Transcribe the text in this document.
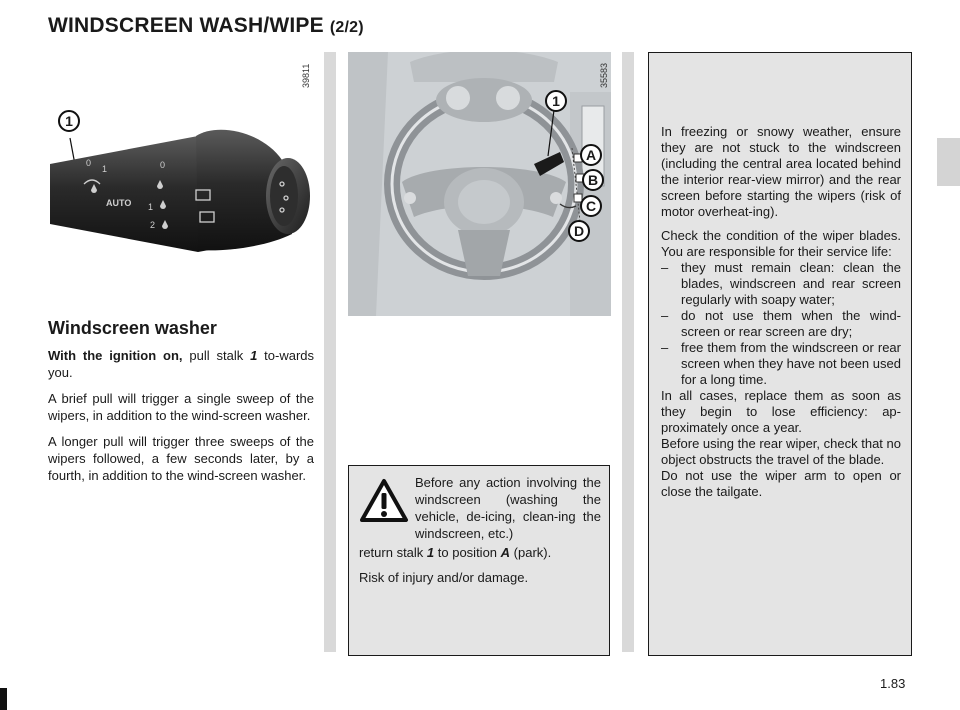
WINDSCREEN WASH/WIPE (2/2)
0
1
AUTO 1
2
0
1
39811
1
A
B
C
D
35583
Windscreen washer

With the ignition on, pull stalk 1 to-wards you.

A brief pull will trigger a single sweep of the wipers, in addition to the wind-screen washer.

A longer pull will trigger three sweeps of the wipers followed, a few seconds later, by a fourth, in addition to the wind-screen washer.	Before any action involving the windscreen (washing the vehicle, de-icing, clean-ing the windscreen, etc.)
return stalk 1 to position A (park).
Risk of injury and/or damage.

In freezing or snowy weather, ensure they are not stuck to the windscreen (including the central area located behind the interior rear-view mirror) and the rear screen before starting the wipers (risk of motor overheat-ing).

Check the condition of the wiper blades. You are responsible for their service life:

– they must remain clean: clean the blades, windscreen and rear screen regularly with soapy water;
– do not use them when the wind-screen or rear screen are dry;
– free them from the windscreen or rear screen when they have not been used for a long time.

In all cases, replace them as soon as they begin to lose efficiency: ap-proximately once a year.

Before using the rear wiper, check that no object obstructs the travel of the blade.

Do not use the wiper arm to open or close the tailgate.

1.83
